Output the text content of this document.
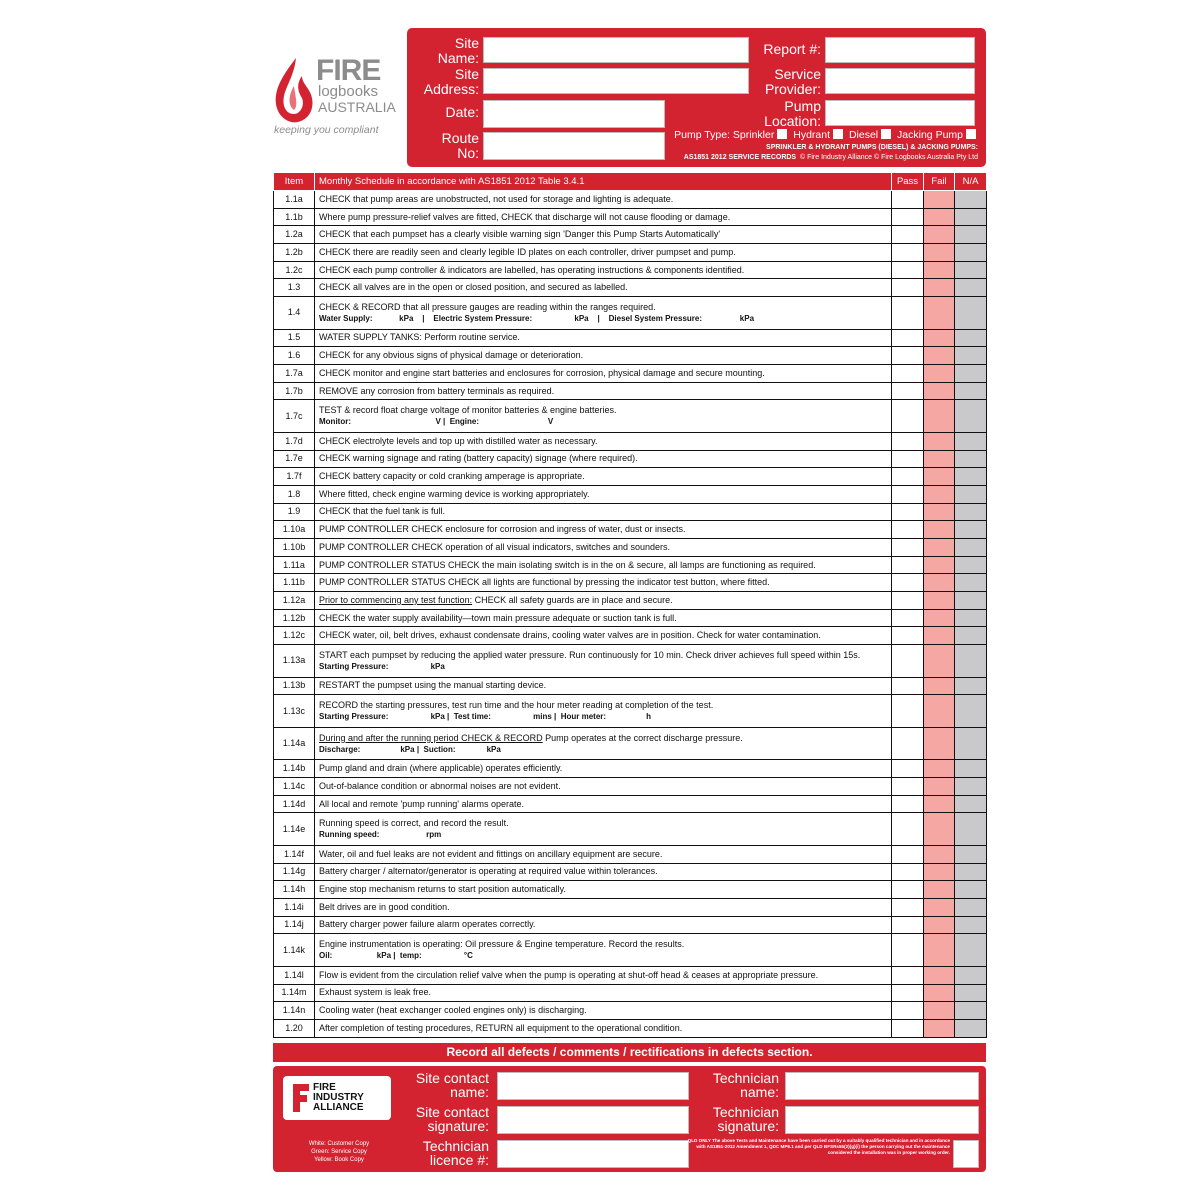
FIRE
logbooks
AUSTRALIA
keeping you compliant
Site
Name:
Site
Address:
Date:
Route
No:
Report #:
Service
Provider:
Pump
Location:
Pump Type: Sprinkler Hydrant Diesel Jacking Pump
SPRINKLER & HYDRANT PUMPS (DIESEL) & JACKING PUMPS:
AS1851 2012 SERVICE RECORDS © Fire Industry Alliance © Fire Logbooks Australia Pty Ltd
Item	Monthly Schedule in accordance with AS1851 2012 Table 3.4.1	Pass	Fail	N/A
1.1a	CHECK that pump areas are unobstructed, not used for storage and lighting is adequate.			
1.1b	Where pump pressure-relief valves are fitted, CHECK that discharge will not cause flooding or damage.			
1.2a	CHECK that each pumpset has a clearly visible warning sign 'Danger this Pump Starts Automatically'			
1.2b	CHECK there are readily seen and clearly legible ID plates on each controller, driver pumpset and pump.			
1.2c	CHECK each pump controller & indicators are labelled, has operating instructions & components identified.			
1.3	CHECK all valves are in the open or closed position, and secured as labelled.			
1.4	CHECK & RECORD that all pressure gauges are reading within the ranges required.
Water Supply:            kPa    |    Electric System Pressure:                   kPa    |    Diesel System Pressure:                 kPa			
1.5	WATER SUPPLY TANKS: Perform routine service.			
1.6	CHECK for any obvious signs of physical damage or deterioration.			
1.7a	CHECK monitor and engine start batteries and enclosures for corrosion, physical damage and secure mounting.			
1.7b	REMOVE any corrosion from battery terminals as required.			
1.7c	TEST & record float charge voltage of monitor batteries & engine batteries.
Monitor:                                      V |  Engine:                               V			
1.7d	CHECK electrolyte levels and top up with distilled water as necessary.			
1.7e	CHECK warning signage and rating (battery capacity) signage (where required).			
1.7f	CHECK battery capacity or cold cranking amperage is appropriate.			
1.8	Where fitted, check engine warming device is working appropriately.			
1.9	CHECK that the fuel tank is full.			
1.10a	PUMP CONTROLLER CHECK enclosure for corrosion and ingress of water, dust or insects.			
1.10b	PUMP CONTROLLER CHECK operation of all visual indicators, switches and sounders.			
1.11a	PUMP CONTROLLER STATUS CHECK the main isolating switch is in the on & secure, all lamps are functioning as required.			
1.11b	PUMP CONTROLLER STATUS CHECK all lights are functional by pressing the indicator test button, where fitted.			
1.12a	Prior to commencing any test function: CHECK all safety guards are in place and secure.			
1.12b	CHECK the water supply availability—town main pressure adequate or suction tank is full.			
1.12c	CHECK water, oil, belt drives, exhaust condensate drains, cooling water valves are in position. Check for water contamination.			
1.13a	START each pumpset by reducing the applied water pressure. Run continuously for 10 min. Check driver achieves full speed within 15s.
Starting Pressure:                   kPa			
1.13b	RESTART the pumpset using the manual starting device.			
1.13c	RECORD the starting pressures, test run time and the hour meter reading at completion of the test.
Starting Pressure:                   kPa |  Test time:                   mins |  Hour meter:                  h			
1.14a	During and after the running period CHECK & RECORD Pump operates at the correct discharge pressure.
Discharge:                  kPa |  Suction:              kPa			
1.14b	Pump gland and drain (where applicable) operates efficiently.			
1.14c	Out-of-balance condition or abnormal noises are not evident.			
1.14d	All local and remote 'pump running' alarms operate.			
1.14e	Running speed is correct, and record the result.
Running speed:                     rpm			
1.14f	Water, oil and fuel leaks are not evident and fittings on ancillary equipment are secure.			
1.14g	Battery charger / alternator/generator is operating at required value within tolerances.			
1.14h	Engine stop mechanism returns to start position automatically.			
1.14i	Belt drives are in good condition.			
1.14j	Battery charger power failure alarm operates correctly.			
1.14k	Engine instrumentation is operating: Oil pressure & Engine temperature. Record the results.
Oil:                    kPa |  temp:                   °C			
1.14l	Flow is evident from the circulation relief valve when the pump is operating at shut-off head & ceases at appropriate pressure.			
1.14m	Exhaust system is leak free.			
1.14n	Cooling water (heat exchanger cooled engines only) is discharging.			
1.20	After completion of testing procedures, RETURN all equipment to the operational condition.			
Record all defects / comments / rectifications in defects section.
FIRE
INDUSTRY
ALLIANCE
White: Customer Copy
Green: Service Copy
Yellow: Book Copy
Site contact
name:
Site contact
signature:
Technician
licence #:
Technician
name:
Technician
signature:
QLD ONLY The above Tests and Maintenance have been carried out by a suitably qualified technician and in accordance with AS1851-2012 Amendment 1, QDC MP6.1 and per QLD BFSRs55(2)(g)(i) the person carrying out the maintenance considered the installation was in proper working order.
